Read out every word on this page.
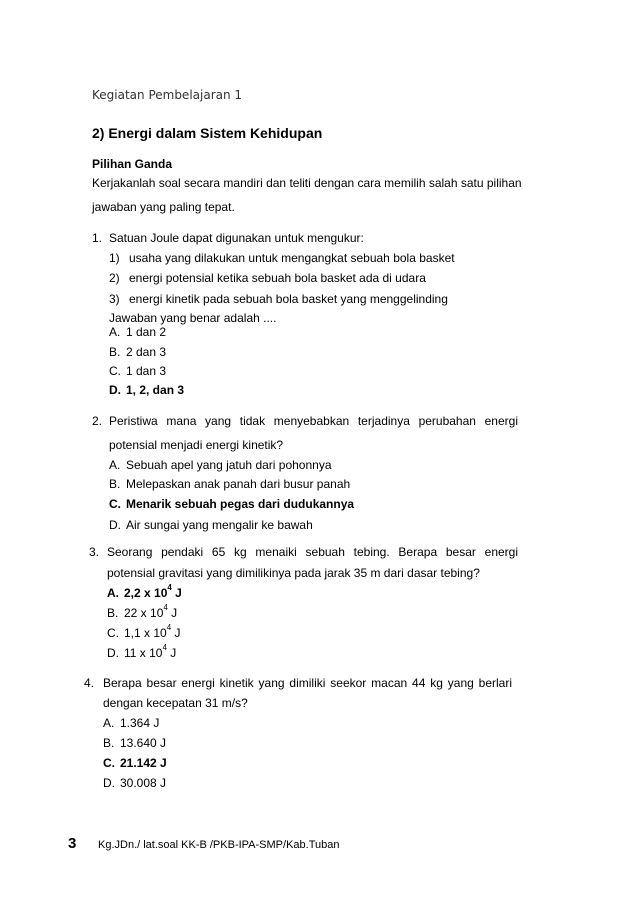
Kegiatan Pembelajaran 1
2) Energi dalam Sistem Kehidupan
Pilihan Ganda
Kerjakanlah soal secara mandiri dan teliti dengan cara memilih salah satu pilihan
jawaban yang paling tepat.
1. Satuan Joule dapat digunakan untuk mengukur:
1) usaha yang dilakukan untuk mengangkat sebuah bola basket
2) energi potensial ketika sebuah bola basket ada di udara
3) energi kinetik pada sebuah bola basket yang menggelinding
Jawaban yang benar adalah ....
A. 1 dan 2
B. 2 dan 3
C. 1 dan 3
D. 1, 2, dan 3
2. Peristiwa mana yang tidak menyebabkan terjadinya perubahan energi
potensial menjadi energi kinetik?
A. Sebuah apel yang jatuh dari pohonnya
B. Melepaskan anak panah dari busur panah
C. Menarik sebuah pegas dari dudukannya
D. Air sungai yang mengalir ke bawah
3. Seorang pendaki 65 kg menaiki sebuah tebing. Berapa besar energi
potensial gravitasi yang dimilikinya pada jarak 35 m dari dasar tebing?
A. 2,2 x $10^4$ J
B. 22 x $10^4$ J
C. 1,1 x $10^4$ J
D. 11 x $10^4$ J
4. Berapa besar energi kinetik yang dimiliki seekor macan 44 kg yang berlari
dengan kecepatan 31 m/s?
A. 1.364 J
B. 13.640 J
C. 21.142 J
D. 30.008 J
3 Kg.JDn./ lat.soal KK-B /PKB-IPA-SMP/Kab.Tuban
